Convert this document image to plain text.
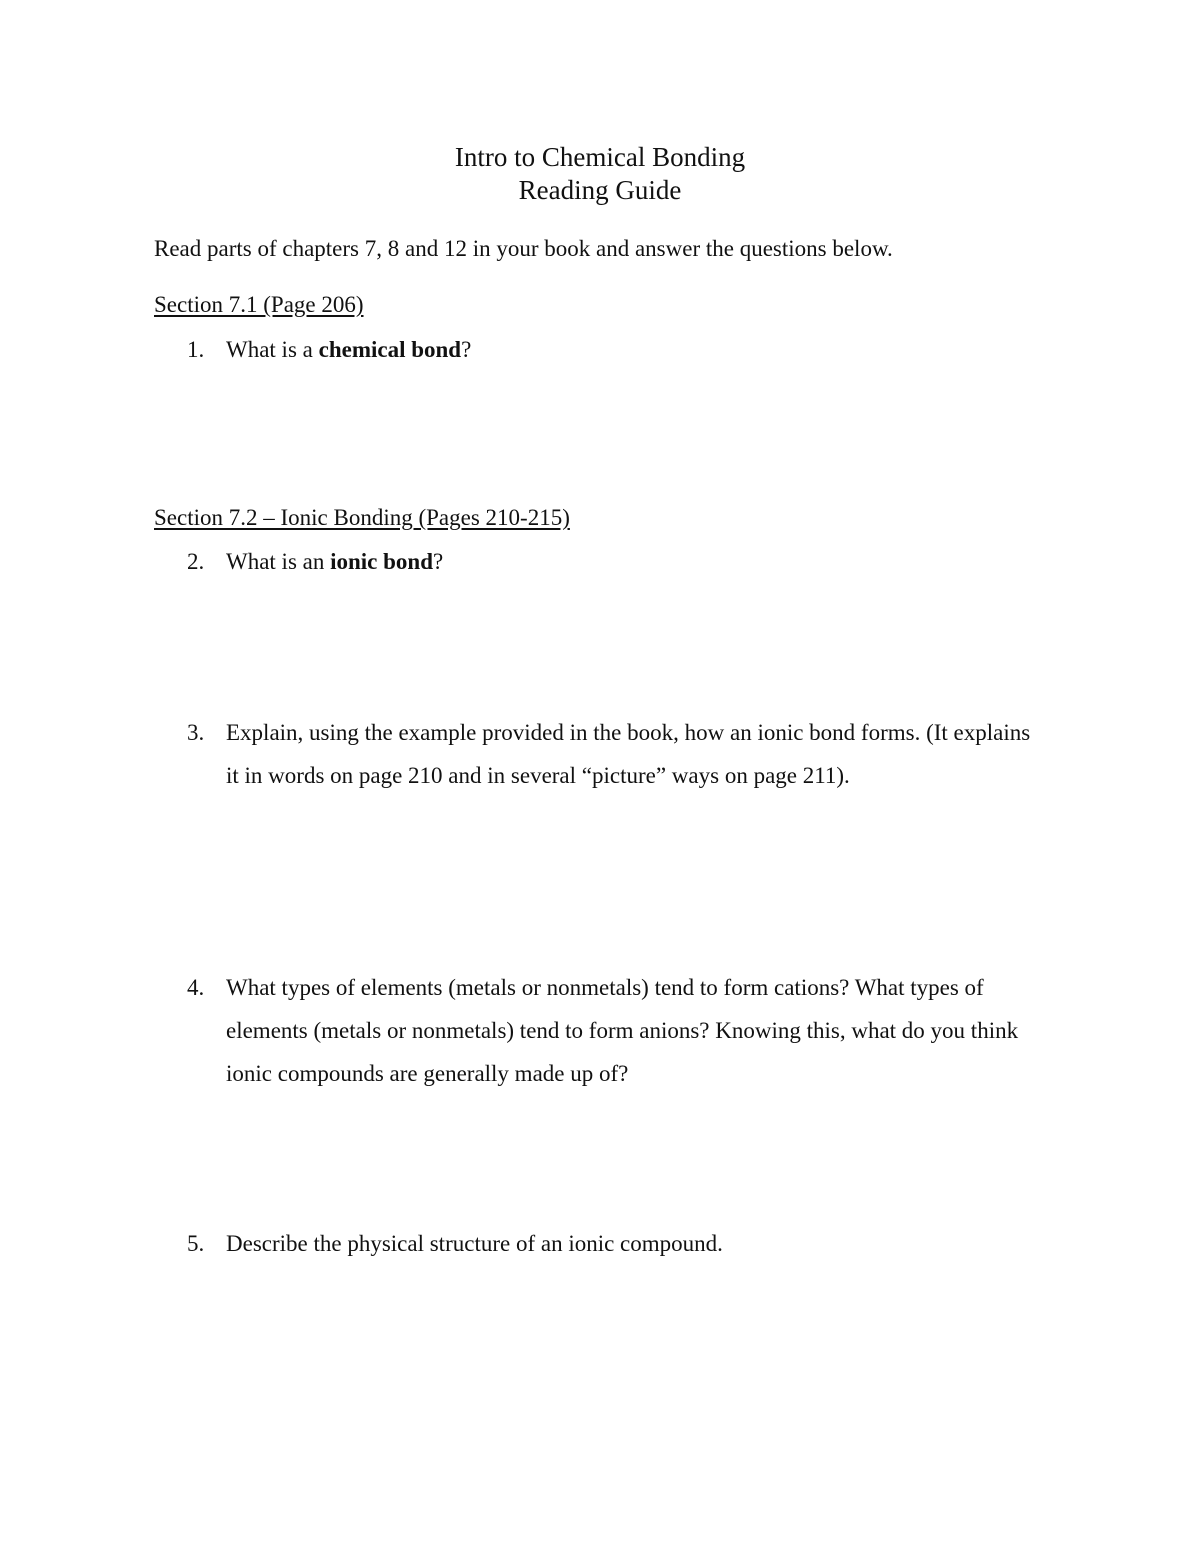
Intro to Chemical Bonding
Reading Guide
Read parts of chapters 7, 8 and 12 in your book and answer the questions below.
Section 7.1 (Page 206)
1. What is a chemical bond?
Section 7.2 – Ionic Bonding (Pages 210-215)
2. What is an ionic bond?
3. Explain, using the example provided in the book, how an ionic bond forms. (It explains it in words on page 210 and in several “picture” ways on page 211).
4. What types of elements (metals or nonmetals) tend to form cations? What types of elements (metals or nonmetals) tend to form anions? Knowing this, what do you think ionic compounds are generally made up of?
5. Describe the physical structure of an ionic compound.
